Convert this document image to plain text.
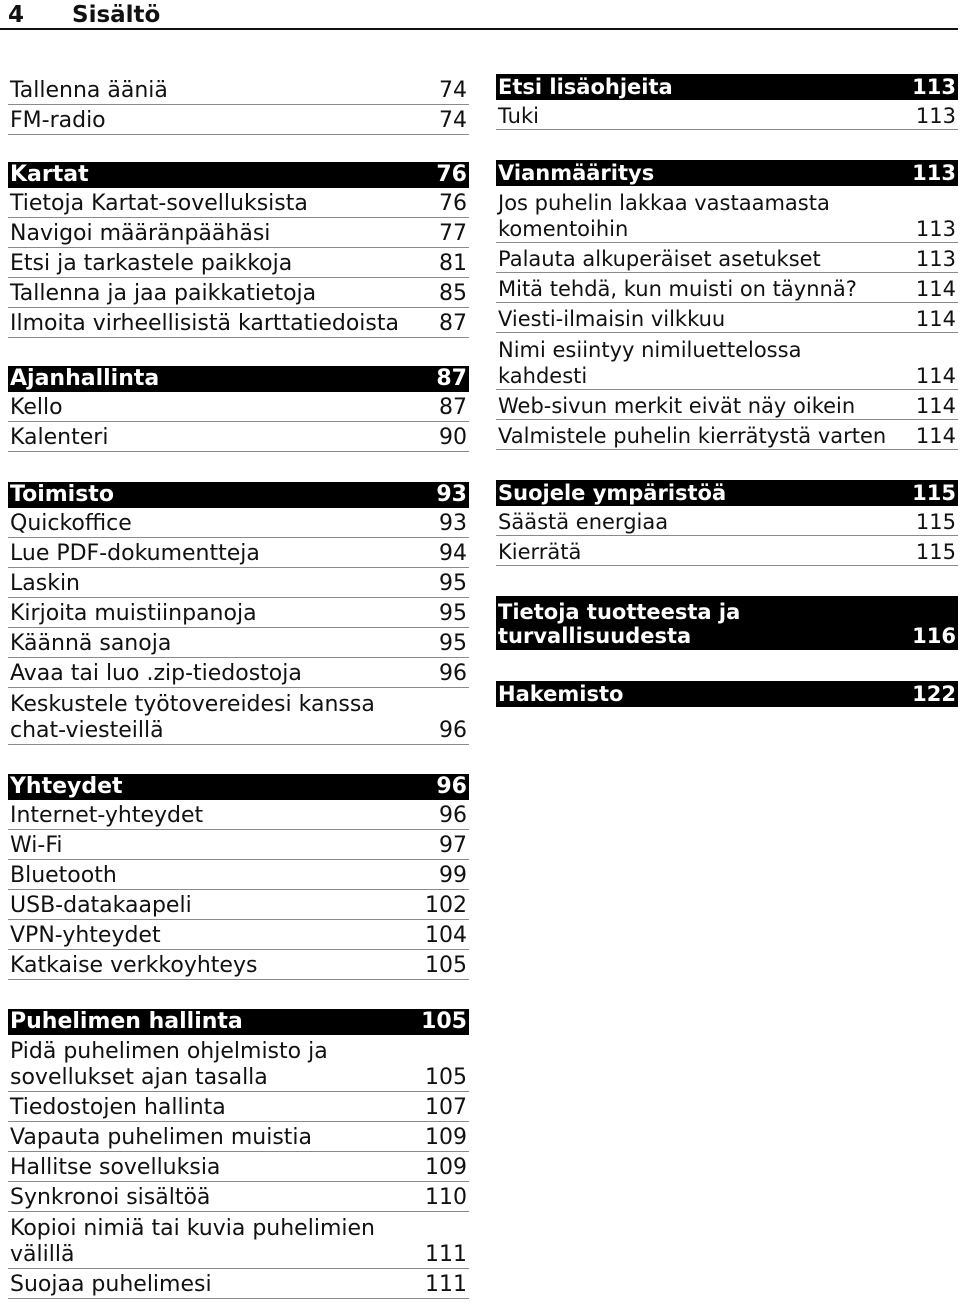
4 Sisältö
Tallenna ääniä	74
FM-radio	74
Kartat	76
Tietoja Kartat-sovelluksista	76
Navigoi määränpäähäsi	77
Etsi ja tarkastele paikkoja	81
Tallenna ja jaa paikkatietoja	85
Ilmoita virheellisistä karttatiedoista 87
Ajanhallinta	87
Kello	87
Kalenteri	90
Toimisto	93
Quickoffice	93
Lue PDF-dokumentteja	94
Laskin	95
Kirjoita muistiinpanoja	95
Käännä sanoja	95
Avaa tai luo .zip-tiedostoja	96
Keskustele työtovereidesi kanssa
chat-viesteillä	96
Yhteydet	96
Internet-yhteydet	96
Wi-Fi	97
Bluetooth	99
USB-datakaapeli	102
VPN-yhteydet	104
Katkaise verkkoyhteys	105
Puhelimen hallinta	105
Pidä puhelimen ohjelmisto ja
sovellukset ajan tasalla	105
Tiedostojen hallinta	107
Vapauta puhelimen muistia	109
Hallitse sovelluksia	109
Synkronoi sisältöä	110
Kopioi nimiä tai kuvia puhelimien
välillä	111
Suojaa puhelimesi	111
Etsi lisäohjeita	113
Tuki	113
Vianmääritys	113
Jos puhelin lakkaa vastaamasta
komentoihin	113
Palauta alkuperäiset asetukset	113
Mitä tehdä, kun muisti on täynnä?	114
Viesti-ilmaisin vilkkuu	114
Nimi esiintyy nimiluettelossa
kahdesti	114
Web-sivun merkit eivät näy oikein	114
Valmistele puhelin kierrätystä varten 114
Suojele ympäristöä	115
Säästä energiaa	115
Kierrätä	115
Tietoja tuotteesta ja
turvallisuudesta	116
Hakemisto	122
